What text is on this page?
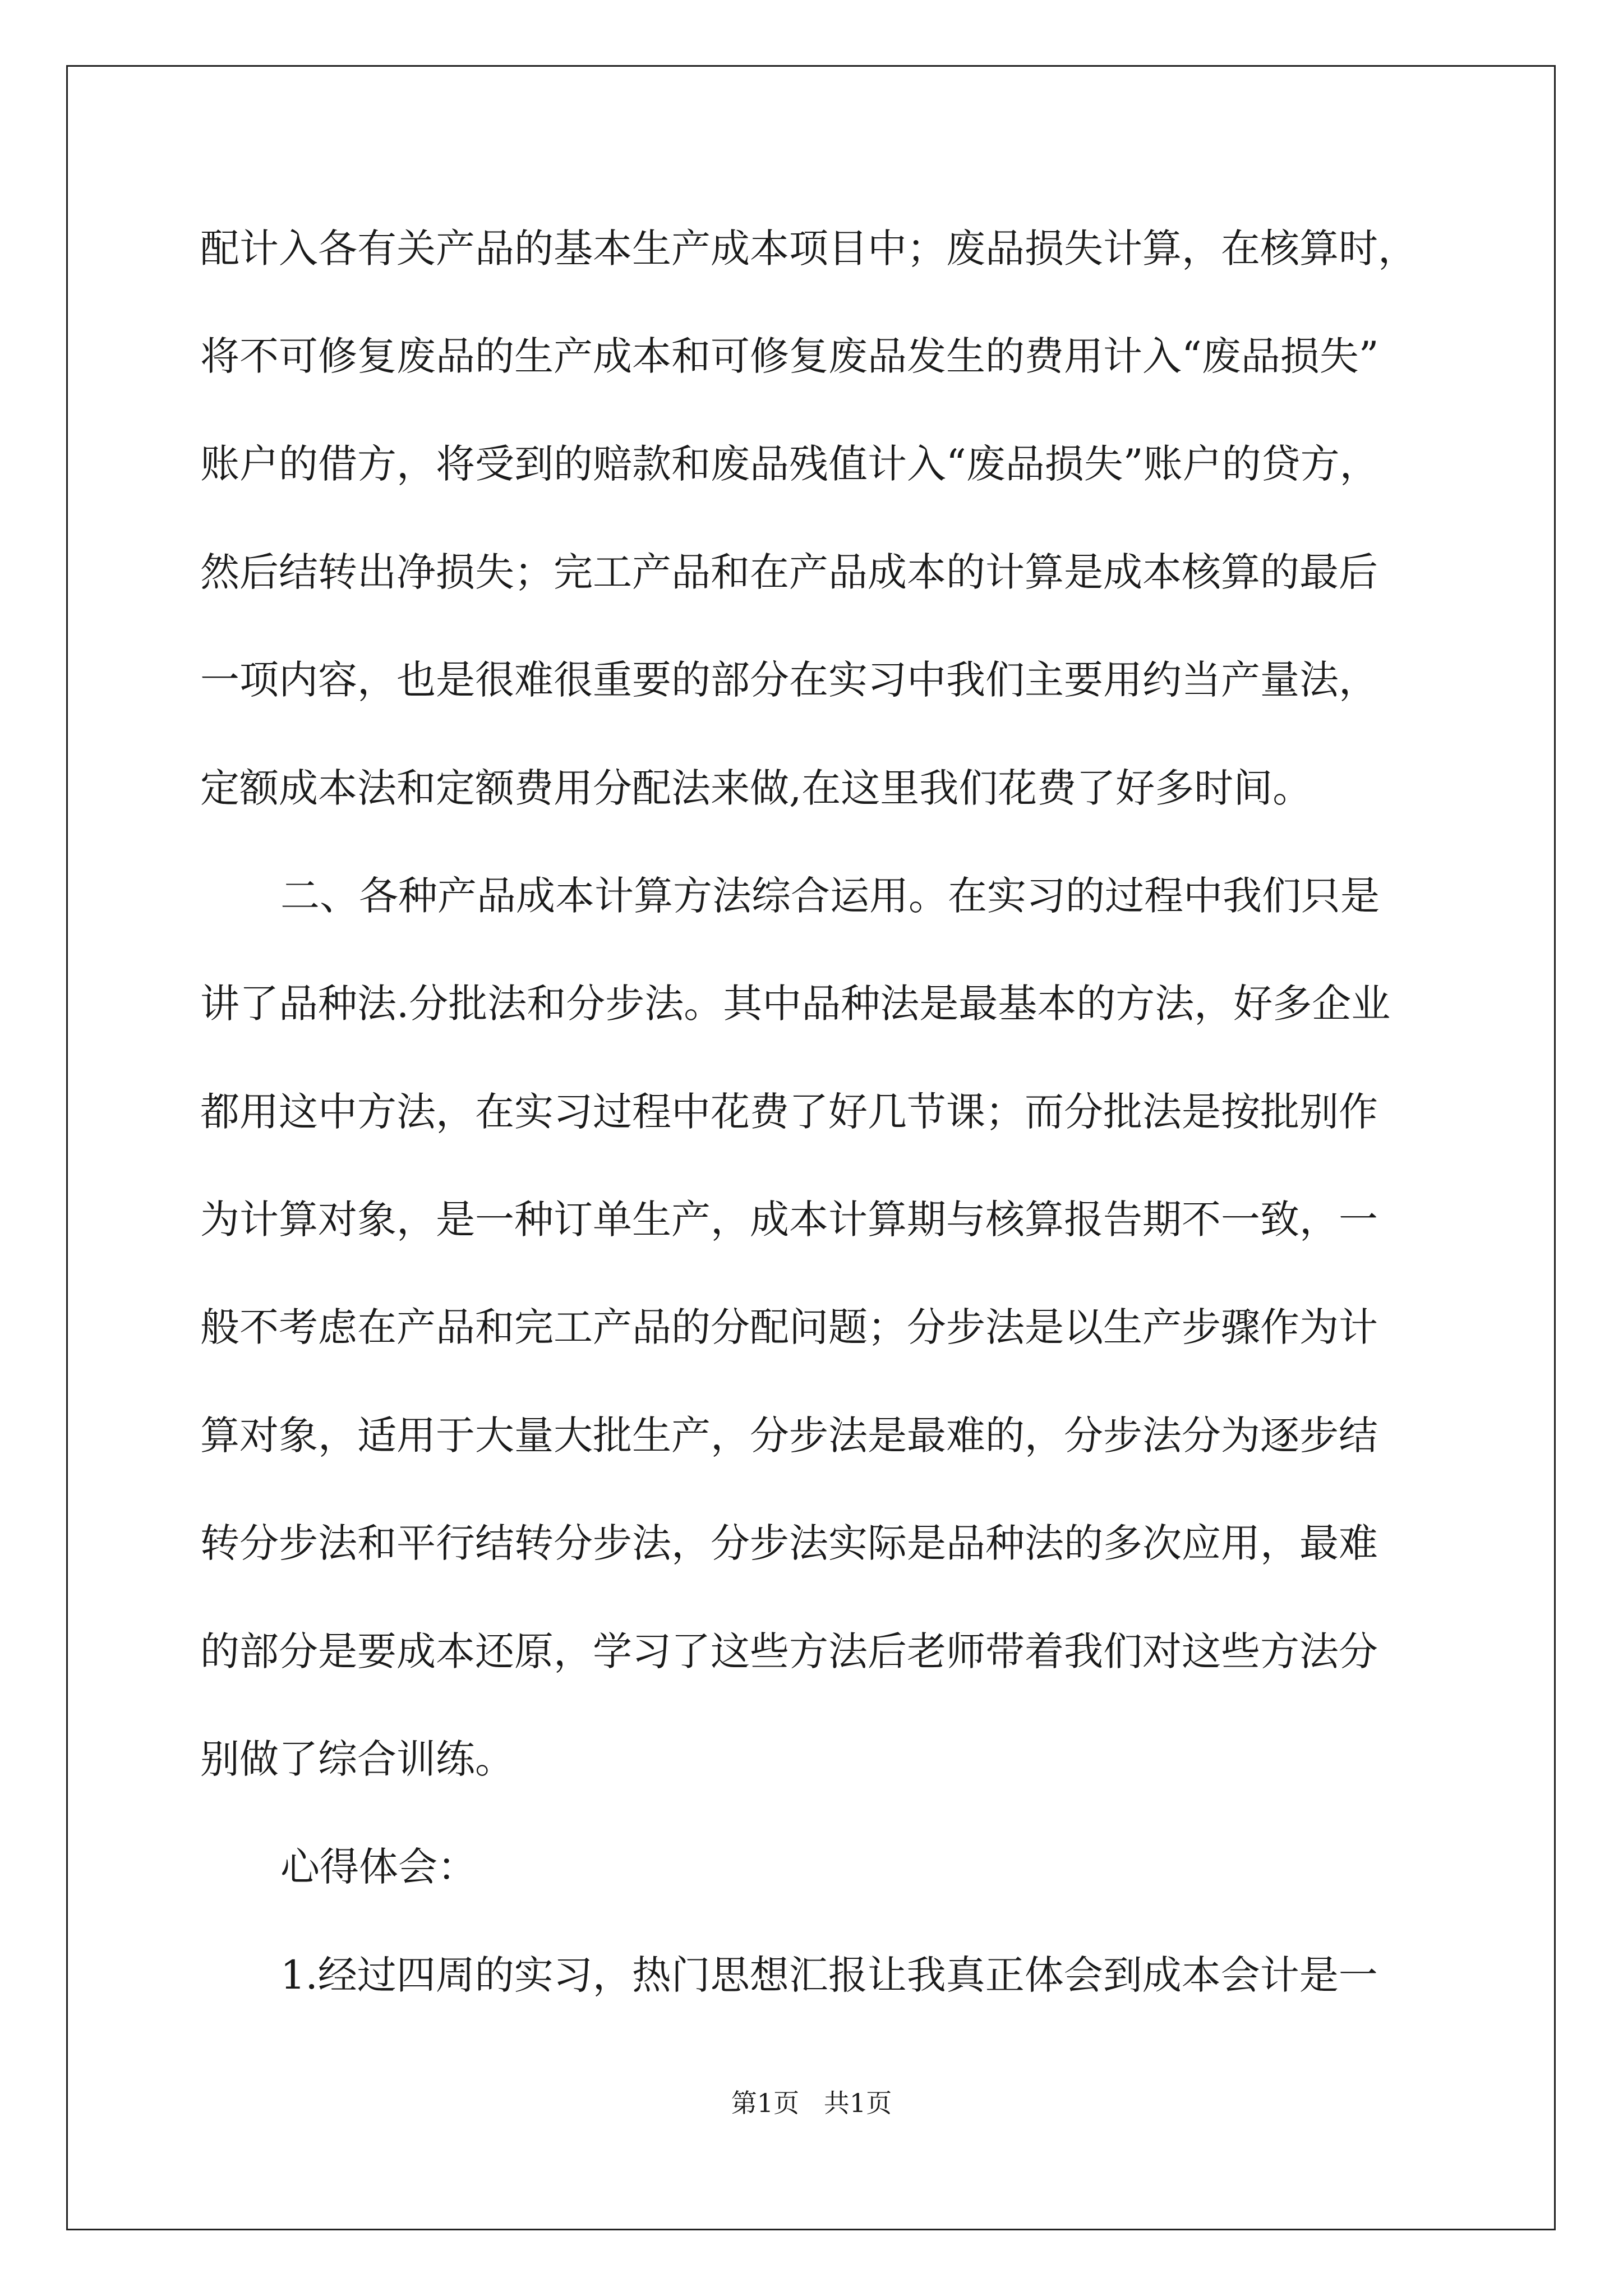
配计入各有关产品的基本生产成本项目中；废品损失计算，在核算时，
将不可修复废品的生产成本和可修复废品发生的费用计入“废品损失”
账户的借方，将受到的赔款和废品残值计入“废品损失”账户的贷方，
然后结转出净损失；完工产品和在产品成本的计算是成本核算的最后
一项内容，也是很难很重要的部分在实习中我们主要用约当产量法，
定额成本法和定额费用分配法来做,在这里我们花费了好多时间。
二、各种产品成本计算方法综合运用。在实习的过程中我们只是
讲了品种法.分批法和分步法。其中品种法是最基本的方法，好多企业
都用这中方法，在实习过程中花费了好几节课；而分批法是按批别作
为计算对象，是一种订单生产，成本计算期与核算报告期不一致，一
般不考虑在产品和完工产品的分配问题；分步法是以生产步骤作为计
算对象，适用于大量大批生产，分步法是最难的，分步法分为逐步结
转分步法和平行结转分步法，分步法实际是品种法的多次应用，最难
的部分是要成本还原，学习了这些方法后老师带着我们对这些方法分
别做了综合训练。
心得体会：
1.经过四周的实习，热门思想汇报让我真正体会到成本会计是一
第1页   共1页
